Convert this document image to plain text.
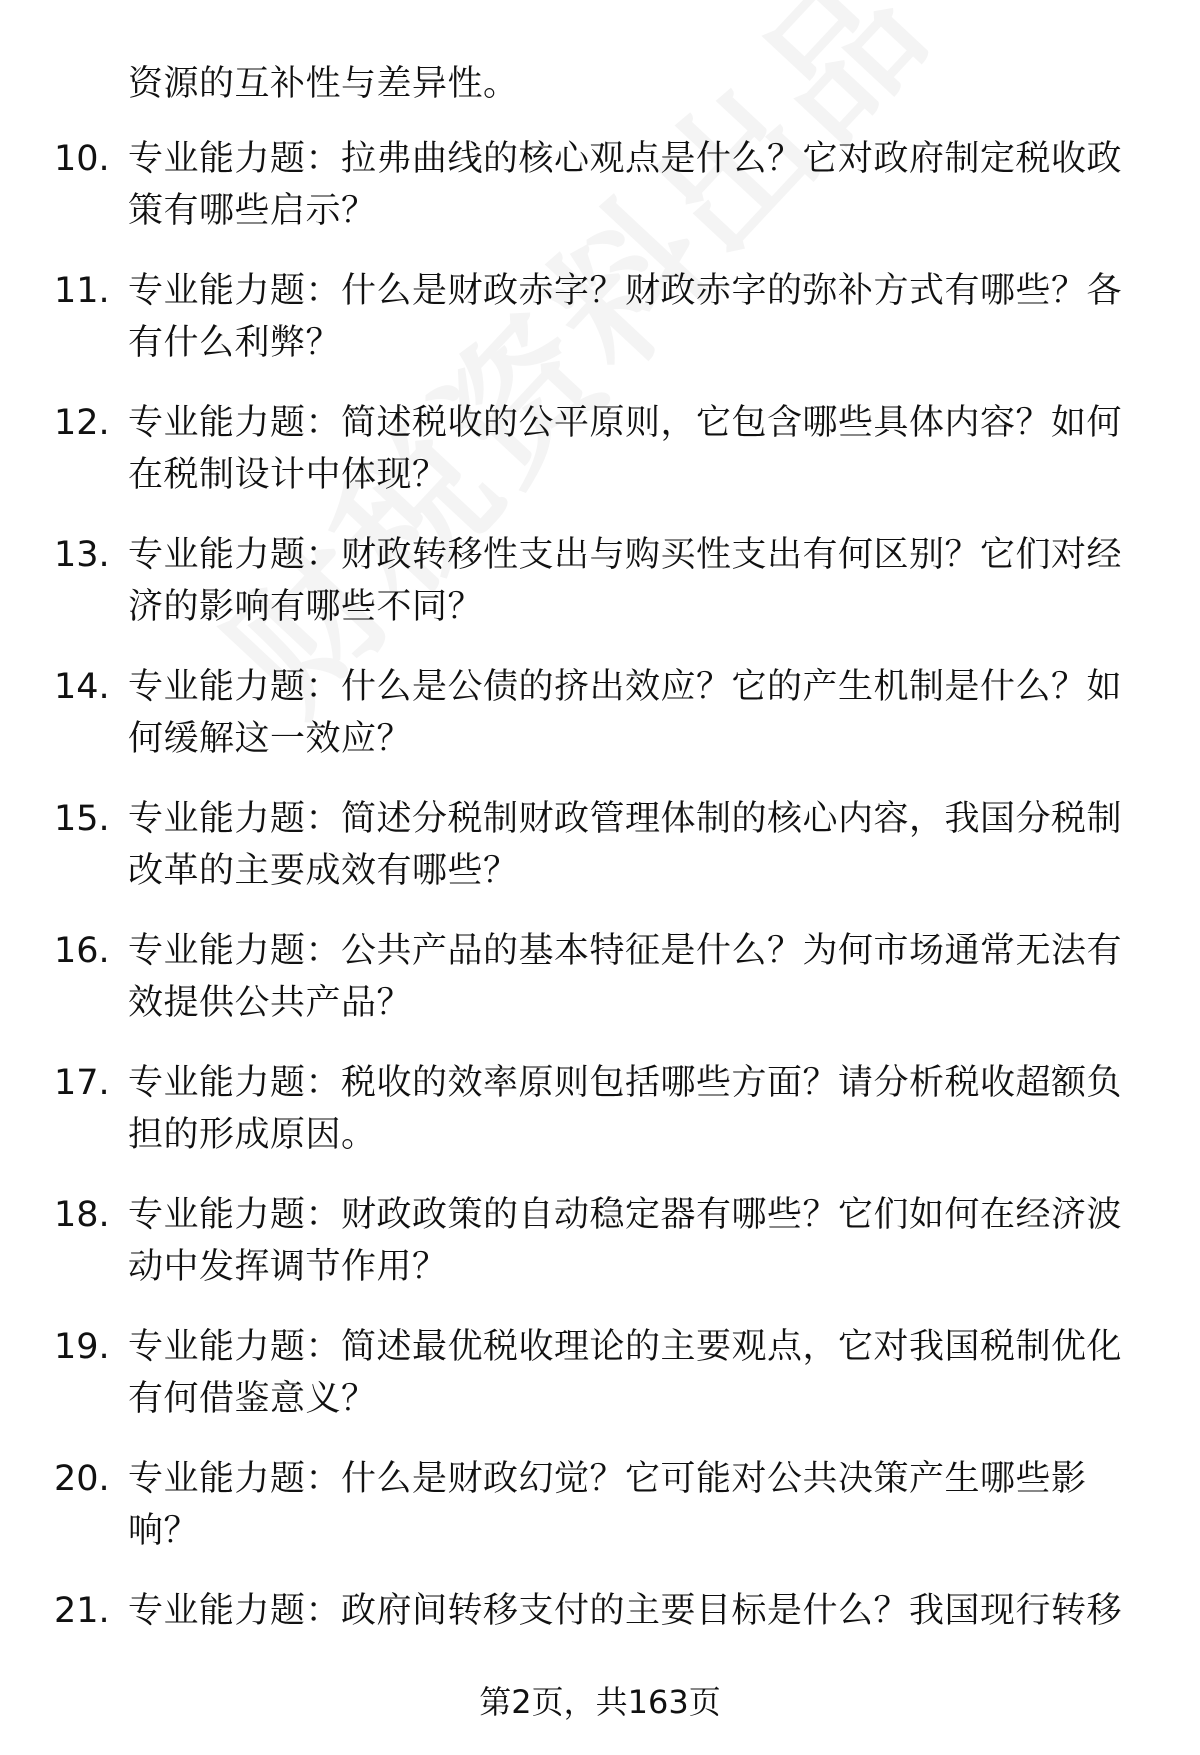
资源的互补性与差异性。
10. 专业能力题：拉弗曲线的核心观点是什么？它对政府制定税收政策有哪些启示？
11. 专业能力题：什么是财政赤字？财政赤字的弥补方式有哪些？各有什么利弊？
12. 专业能力题：简述税收的公平原则，它包含哪些具体内容？如何在税制设计中体现？
13. 专业能力题：财政转移性支出与购买性支出有何区别？它们对经济的影响有哪些不同？
14. 专业能力题：什么是公债的挤出效应？它的产生机制是什么？如何缓解这一效应？
15. 专业能力题：简述分税制财政管理体制的核心内容，我国分税制改革的主要成效有哪些？
16. 专业能力题：公共产品的基本特征是什么？为何市场通常无法有效提供公共产品？
17. 专业能力题：税收的效率原则包括哪些方面？请分析税收超额负担的形成原因。
18. 专业能力题：财政政策的自动稳定器有哪些？它们如何在经济波动中发挥调节作用？
19. 专业能力题：简述最优税收理论的主要观点，它对我国税制优化有何借鉴意义？
20. 专业能力题：什么是财政幻觉？它可能对公共决策产生哪些影响？
21. 专业能力题：政府间转移支付的主要目标是什么？我国现行转移
第2页，共163页
